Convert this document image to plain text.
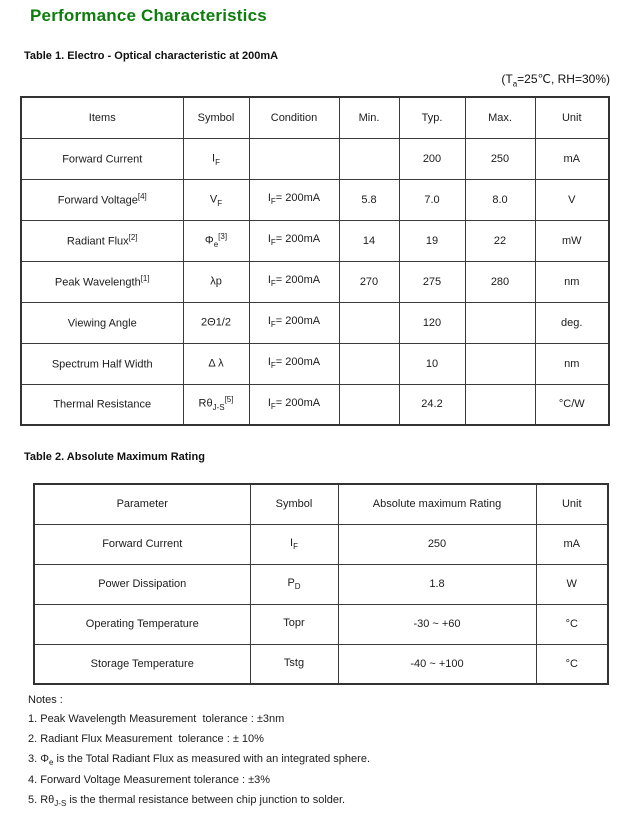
Performance Characteristics
Table 1. Electro - Optical characteristic at 200mA
($T_a=25℃$, RH=30%)
Items	Symbol	Condition	Min.	Typ.	Max.	Unit
Forward Current	$I_F$			200	250	mA
Forward Voltage[4]	$V_F$	$I_F= 200mA$	5.8	7.0	8.0	V
Radiant Flux[2]	$\Phi_e[3]$	$I_F= 200mA$	14	19	22	mW
Peak Wavelength[1]	λp	$I_F= 200mA$	270	275	280	nm
Viewing Angle	2Θ1/2	$I_F= 200mA$		120		deg.
Spectrum Half Width	Δ λ	$I_F= 200mA$		10		nm
Thermal Resistance	$R\theta_{J-S}[5]$	$I_F= 200mA$		24.2		°C/W
Table 2. Absolute Maximum Rating
Parameter	Symbol	Absolute maximum Rating	Unit
Forward Current	$I_F$	250	mA
Power Dissipation	$P_D$	1.8	W
Operating Temperature	Topr	-30 ~ +60	°C
Storage Temperature	Tstg	-40 ~ +100	°C

Notes :

1. Peak Wavelength Measurement  tolerance : ±3nm

2. Radiant Flux Measurement  tolerance : ± 10%

3. $\Phi_e$ is the Total Radiant Flux as measured with an integrated sphere.

4. Forward Voltage Measurement tolerance : ±3%

5. $R\theta_{J-S}$ is the thermal resistance between chip junction to solder.
